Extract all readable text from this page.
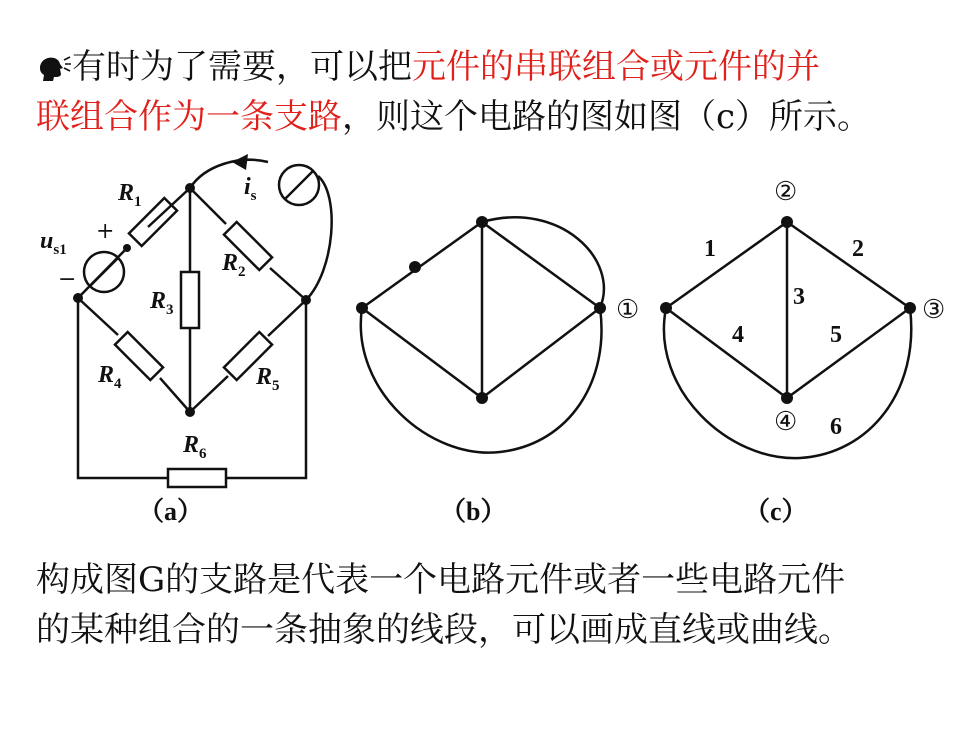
有时为了需要，可以把元件的串联组合或元件的并
联组合作为一条支路，则这个电路的图如图（c）所示。
$R_1$
$R_2$
$R_3$
$R_4$	$R_5$
$R_6$
$u_{s1}$
$i_s$
+
−
①
②
③
④
1	2
3
4	5
6
（a）	（b）	（c）
构成图G的支路是代表一个电路元件或者一些电路元件
的某种组合的一条抽象的线段，可以画成直线或曲线。
